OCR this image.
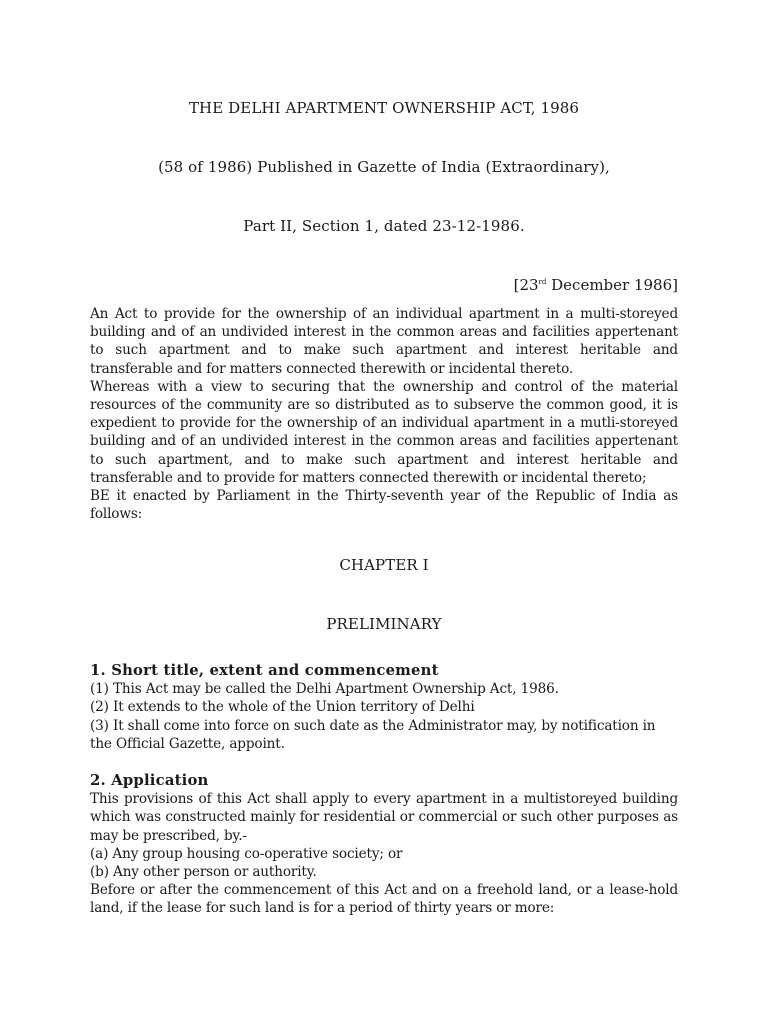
THE DELHI APARTMENT OWNERSHIP ACT, 1986
(58 of 1986) Published in Gazette of India (Extraordinary),
Part II, Section 1, dated 23-12-1986.
[23rd December 1986]

An Act to provide for the ownership of an individual apartment in a multi-storeyed building and of an undivided interest in the common areas and facilities appertenant to such apartment and to make such apartment and interest heritable and transferable and for matters connected therewith or incidental thereto.

Whereas with a view to securing that the ownership and control of the material resources of the community are so distributed as to subserve the common good, it is expedient to provide for the ownership of an individual apartment in a mutli-storeyed building and of an undivided interest in the common areas and facilities appertenant to such apartment, and to make such apartment and interest heritable and transferable and to provide for matters connected therewith or incidental thereto;

BE it enacted by Parliament in the Thirty-seventh year of the Republic of India as follows:

CHAPTER I
PRELIMINARY

1. Short title, extent and commencement

(1) This Act may be called the Delhi Apartment Ownership Act, 1986.

(2) It extends to the whole of the Union territory of Delhi

(3) It shall come into force on such date as the Administrator may, by notification in the Official Gazette, appoint.

2. Application

This provisions of this Act shall apply to every apartment in a multistoreyed building which was constructed mainly for residential or commercial or such other purposes as may be prescribed, by.-

(a) Any group housing co-operative society; or

(b) Any other person or authority.

Before or after the commencement of this Act and on a freehold land, or a lease-hold land, if the lease for such land is for a period of thirty years or more:
